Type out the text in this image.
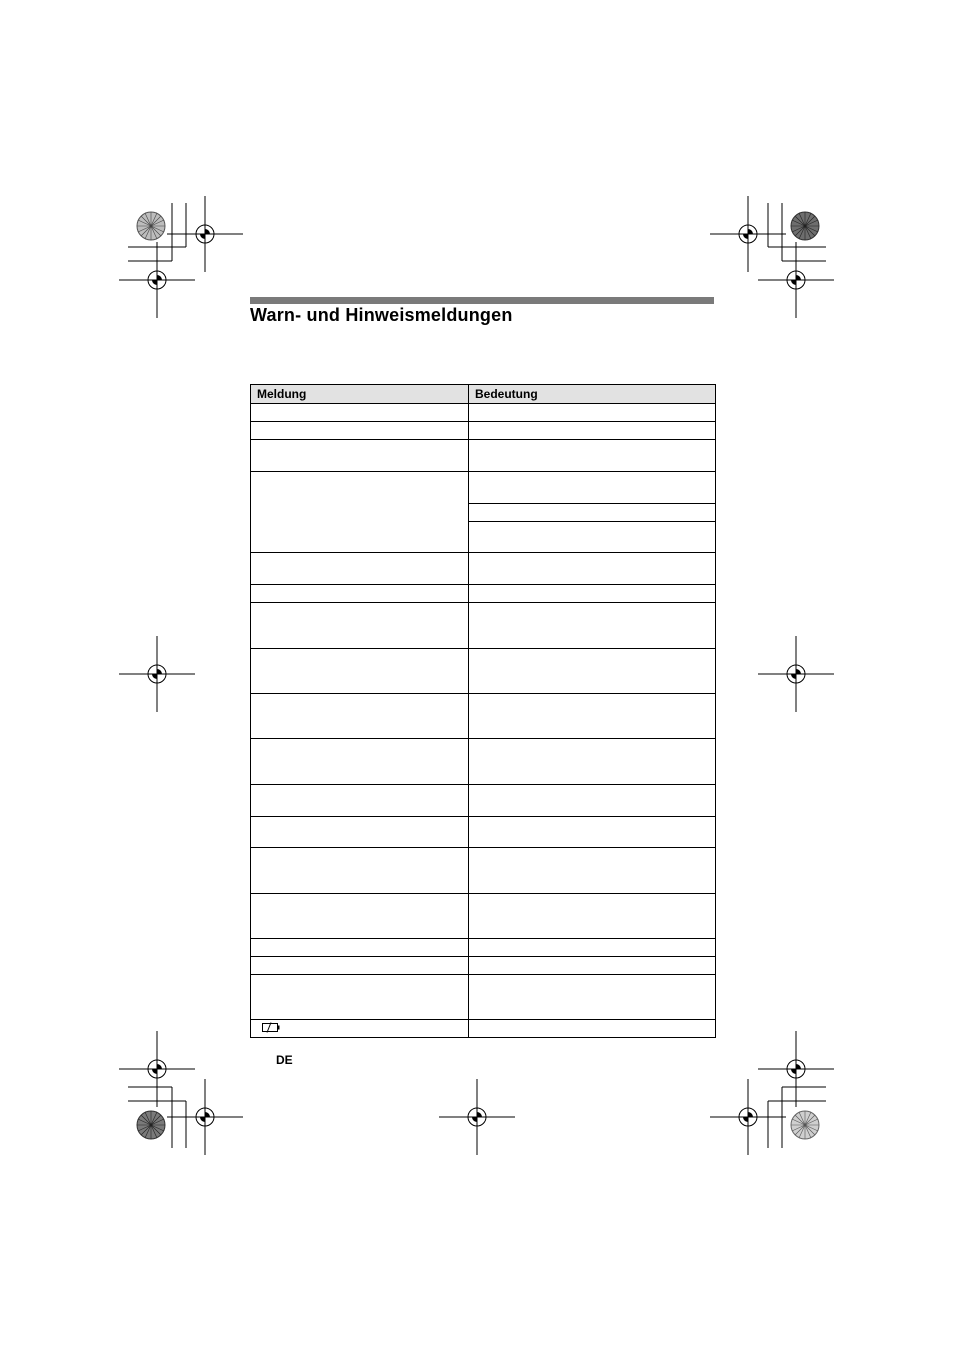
Warn- und Hinweismeldungen
Meldung	Bedeutung

DE
